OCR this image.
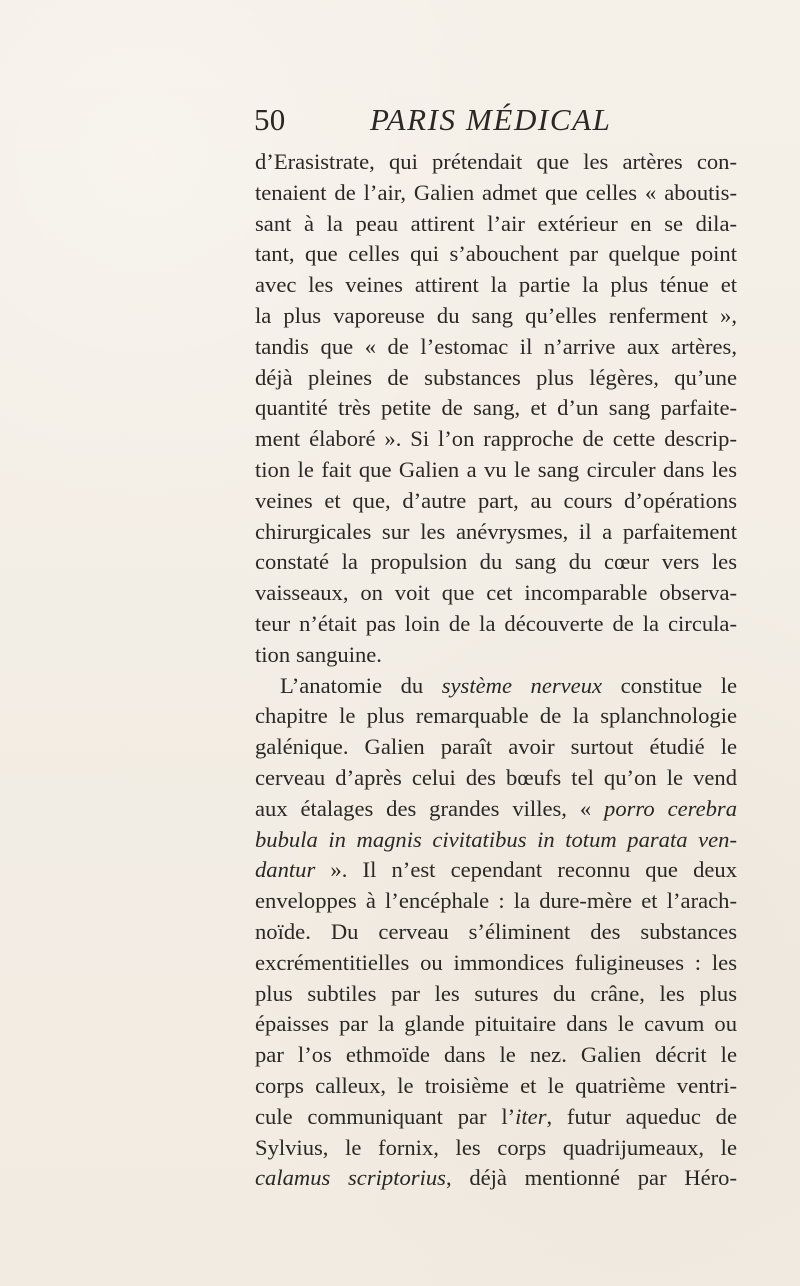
50	PARIS MÉDICAL
d’Erasistrate, qui prétendait que les artères con-
tenaient de l’air, Galien admet que celles « aboutis-
sant à la peau attirent l’air extérieur en se dila-
tant, que celles qui s’abouchent par quelque point
avec les veines attirent la partie la plus ténue et
la plus vaporeuse du sang qu’elles renferment »,
tandis que « de l’estomac il n’arrive aux artères,
déjà pleines de substances plus légères, qu’une
quantité très petite de sang, et d’un sang parfaite-
ment élaboré ». Si l’on rapproche de cette descrip-
tion le fait que Galien a vu le sang circuler dans les
veines et que, d’autre part, au cours d’opérations
chirurgicales sur les anévrysmes, il a parfaitement
constaté la propulsion du sang du cœur vers les
vaisseaux, on voit que cet incomparable observa-
teur n’était pas loin de la découverte de la circula-
tion sanguine.
L’anatomie du système nerveux constitue le
chapitre le plus remarquable de la splanchnologie
galénique. Galien paraît avoir surtout étudié le
cerveau d’après celui des bœufs tel qu’on le vend
aux étalages des grandes villes, « porro cerebra
bubula in magnis civitatibus in totum parata ven-
dantur ». Il n’est cependant reconnu que deux
enveloppes à l’encéphale : la dure-mère et l’arach-
noïde. Du cerveau s’éliminent des substances
excrémentitielles ou immondices fuligineuses : les
plus subtiles par les sutures du crâne, les plus
épaisses par la glande pituitaire dans le cavum ou
par l’os ethmoïde dans le nez. Galien décrit le
corps calleux, le troisième et le quatrième ventri-
cule communiquant par l’iter, futur aqueduc de
Sylvius, le fornix, les corps quadrijumeaux, le
calamus scriptorius, déjà mentionné par Héro-
